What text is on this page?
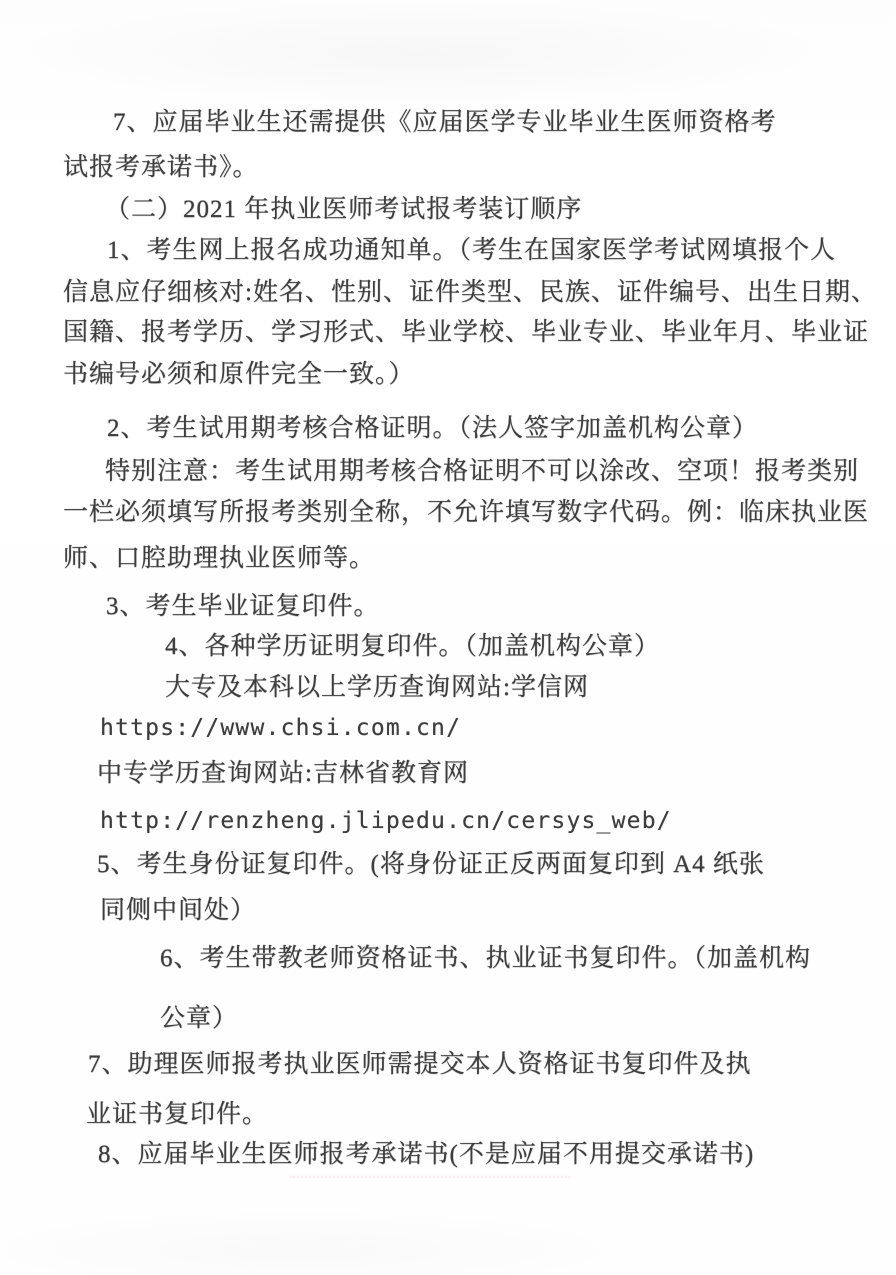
7、应届毕业生还需提供《应届医学专业毕业生医师资格考
试报考承诺书》。
（二）2021 年执业医师考试报考装订顺序
1、考生网上报名成功通知单。（考生在国家医学考试网填报个人
信息应仔细核对:姓名、性别、证件类型、民族、证件编号、出生日期、
国籍、报考学历、学习形式、毕业学校、毕业专业、毕业年月、毕业证
书编号必须和原件完全一致。）
2、考生试用期考核合格证明。（法人签字加盖机构公章）
特别注意：考生试用期考核合格证明不可以涂改、空项！报考类别
一栏必须填写所报考类别全称，不允许填写数字代码。例：临床执业医
师、口腔助理执业医师等。
3、考生毕业证复印件。
4、各种学历证明复印件。（加盖机构公章）
大专及本科以上学历查询网站:学信网
https://www.chsi.com.cn/
中专学历查询网站:吉林省教育网
http://renzheng.jlipedu.cn/cersys_web/
5、考生身份证复印件。(将身份证正反两面复印到 A4 纸张
同侧中间处）
6、考生带教老师资格证书、执业证书复印件。（加盖机构
公章）
7、助理医师报考执业医师需提交本人资格证书复印件及执
业证书复印件。
8、应届毕业生医师报考承诺书(不是应届不用提交承诺书)
